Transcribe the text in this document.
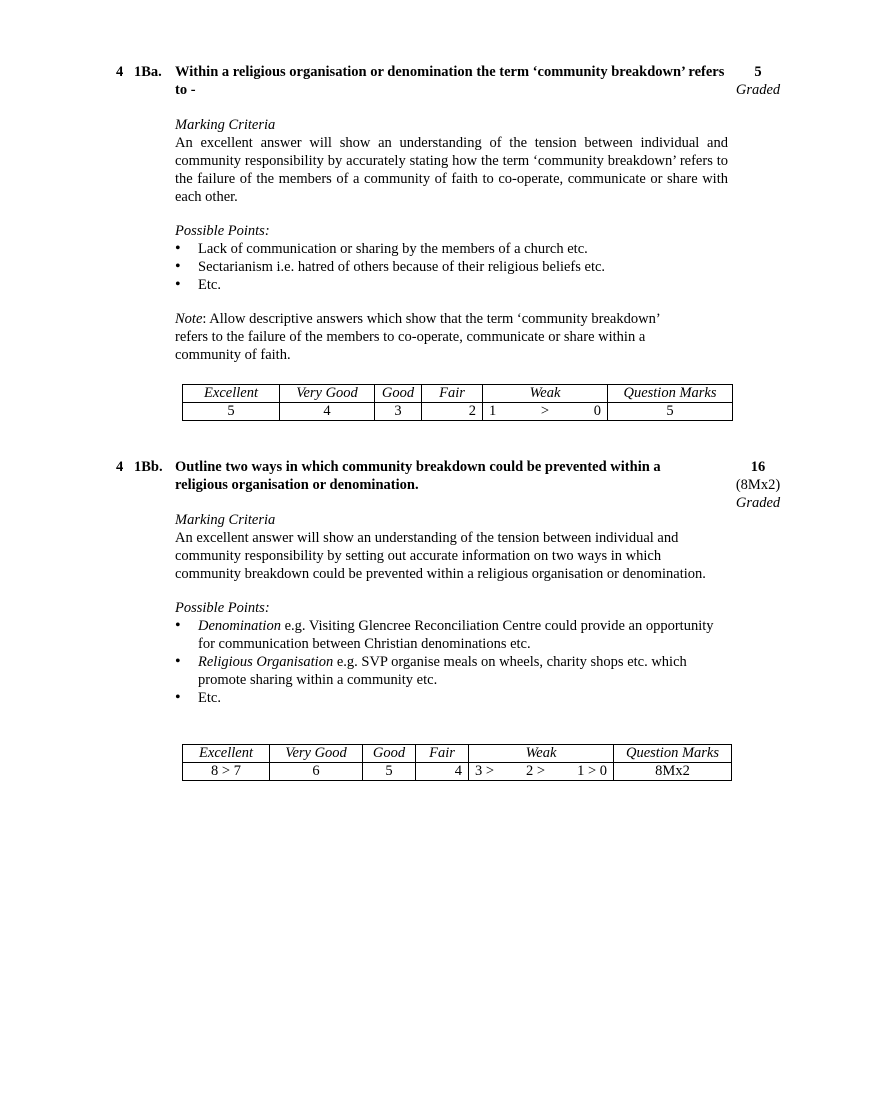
4 1Ba. Within a religious organisation or denomination the term ‘community breakdown’ refers to -
5
Graded
Marking Criteria
An excellent answer will show an understanding of the tension between individual and community responsibility by accurately stating how the term ‘community breakdown’ refers to the failure of the members of a community of faith to co-operate, communicate or share with each other.
Possible Points:
• Lack of communication or sharing by the members of a church etc.
• Sectarianism i.e. hatred of others because of their religious beliefs etc.
• Etc.
Note: Allow descriptive answers which show that the term ‘community breakdown’ refers to the failure of the members to co-operate, communicate or share within a community of faith.
Excellent	Very Good	Good	Fair	Weak	Question Marks
5	4	3	2	1 > 0	5
4 1Bb. Outline two ways in which community breakdown could be prevented within a religious organisation or denomination.
16
(8Mx2)
Graded
Marking Criteria
An excellent answer will show an understanding of the tension between individual and community responsibility by setting out accurate information on two ways in which community breakdown could be prevented within a religious organisation or denomination.
Possible Points:
• Denomination e.g. Visiting Glencree Reconciliation Centre could provide an opportunity for communication between Christian denominations etc.
• Religious Organisation e.g. SVP organise meals on wheels, charity shops etc. which promote sharing within a community etc.
• Etc.
Excellent	Very Good	Good	Fair	Weak	Question Marks
8 > 7	6	5	4	3 > 2 > 1 > 0	8Mx2
